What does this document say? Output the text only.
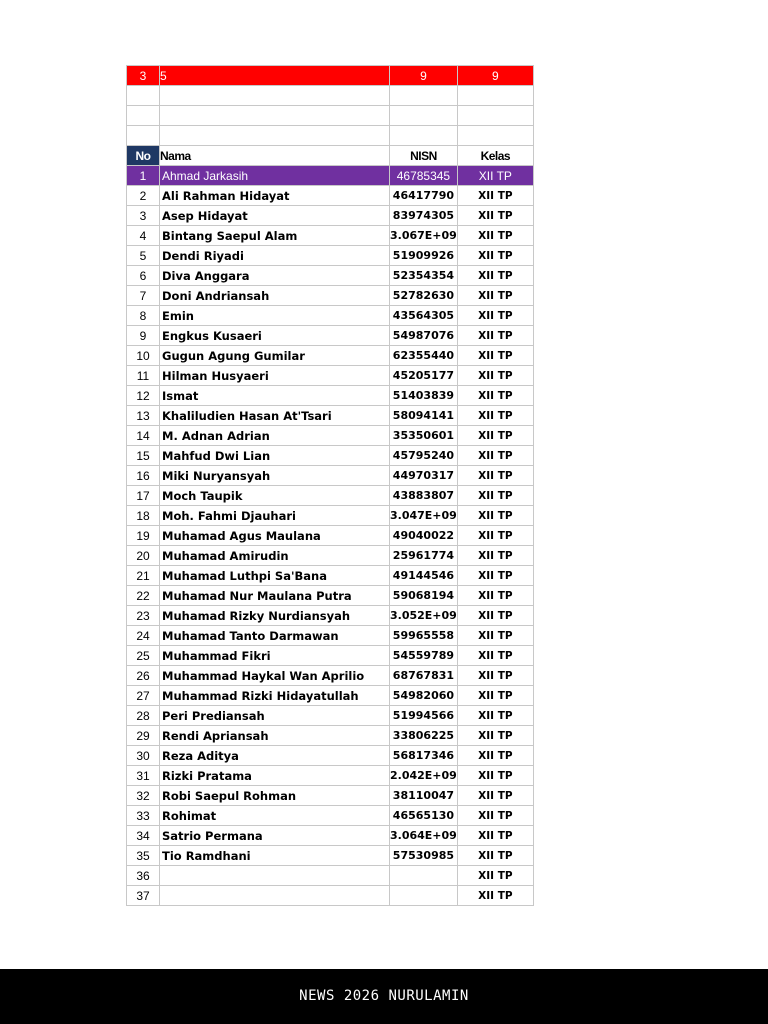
3	5	9	9

No	Nama	NISN	Kelas
1	Ahmad Jarkasih	46785345	XII TP
2	Ali Rahman Hidayat	46417790	XII TP
3	Asep Hidayat	83974305	XII TP
4	Bintang Saepul Alam	3.067E+09	XII TP
5	Dendi Riyadi	51909926	XII TP
6	Diva Anggara	52354354	XII TP
7	Doni Andriansah	52782630	XII TP
8	Emin	43564305	XII TP
9	Engkus Kusaeri	54987076	XII TP
10	Gugun Agung Gumilar	62355440	XII TP
11	Hilman Husyaeri	45205177	XII TP
12	Ismat	51403839	XII TP
13	Khaliludien Hasan At'Tsari	58094141	XII TP
14	M. Adnan Adrian	35350601	XII TP
15	Mahfud Dwi Lian	45795240	XII TP
16	Miki Nuryansyah	44970317	XII TP
17	Moch Taupik	43883807	XII TP
18	Moh. Fahmi Djauhari	3.047E+09	XII TP
19	Muhamad Agus Maulana	49040022	XII TP
20	Muhamad Amirudin	25961774	XII TP
21	Muhamad Luthpi Sa'Bana	49144546	XII TP
22	Muhamad Nur Maulana Putra	59068194	XII TP
23	Muhamad Rizky Nurdiansyah	3.052E+09	XII TP
24	Muhamad Tanto Darmawan	59965558	XII TP
25	Muhammad Fikri	54559789	XII TP
26	Muhammad Haykal Wan Aprilio	68767831	XII TP
27	Muhammad Rizki Hidayatullah	54982060	XII TP
28	Peri Prediansah	51994566	XII TP
29	Rendi Apriansah	33806225	XII TP
30	Reza Aditya	56817346	XII TP
31	Rizki Pratama	2.042E+09	XII TP
32	Robi Saepul Rohman	38110047	XII TP
33	Rohimat	46565130	XII TP
34	Satrio Permana	3.064E+09	XII TP
35	Tio Ramdhani	57530985	XII TP
36			XII TP
37			XII TP
NEWS 2026 NURULAMIN
